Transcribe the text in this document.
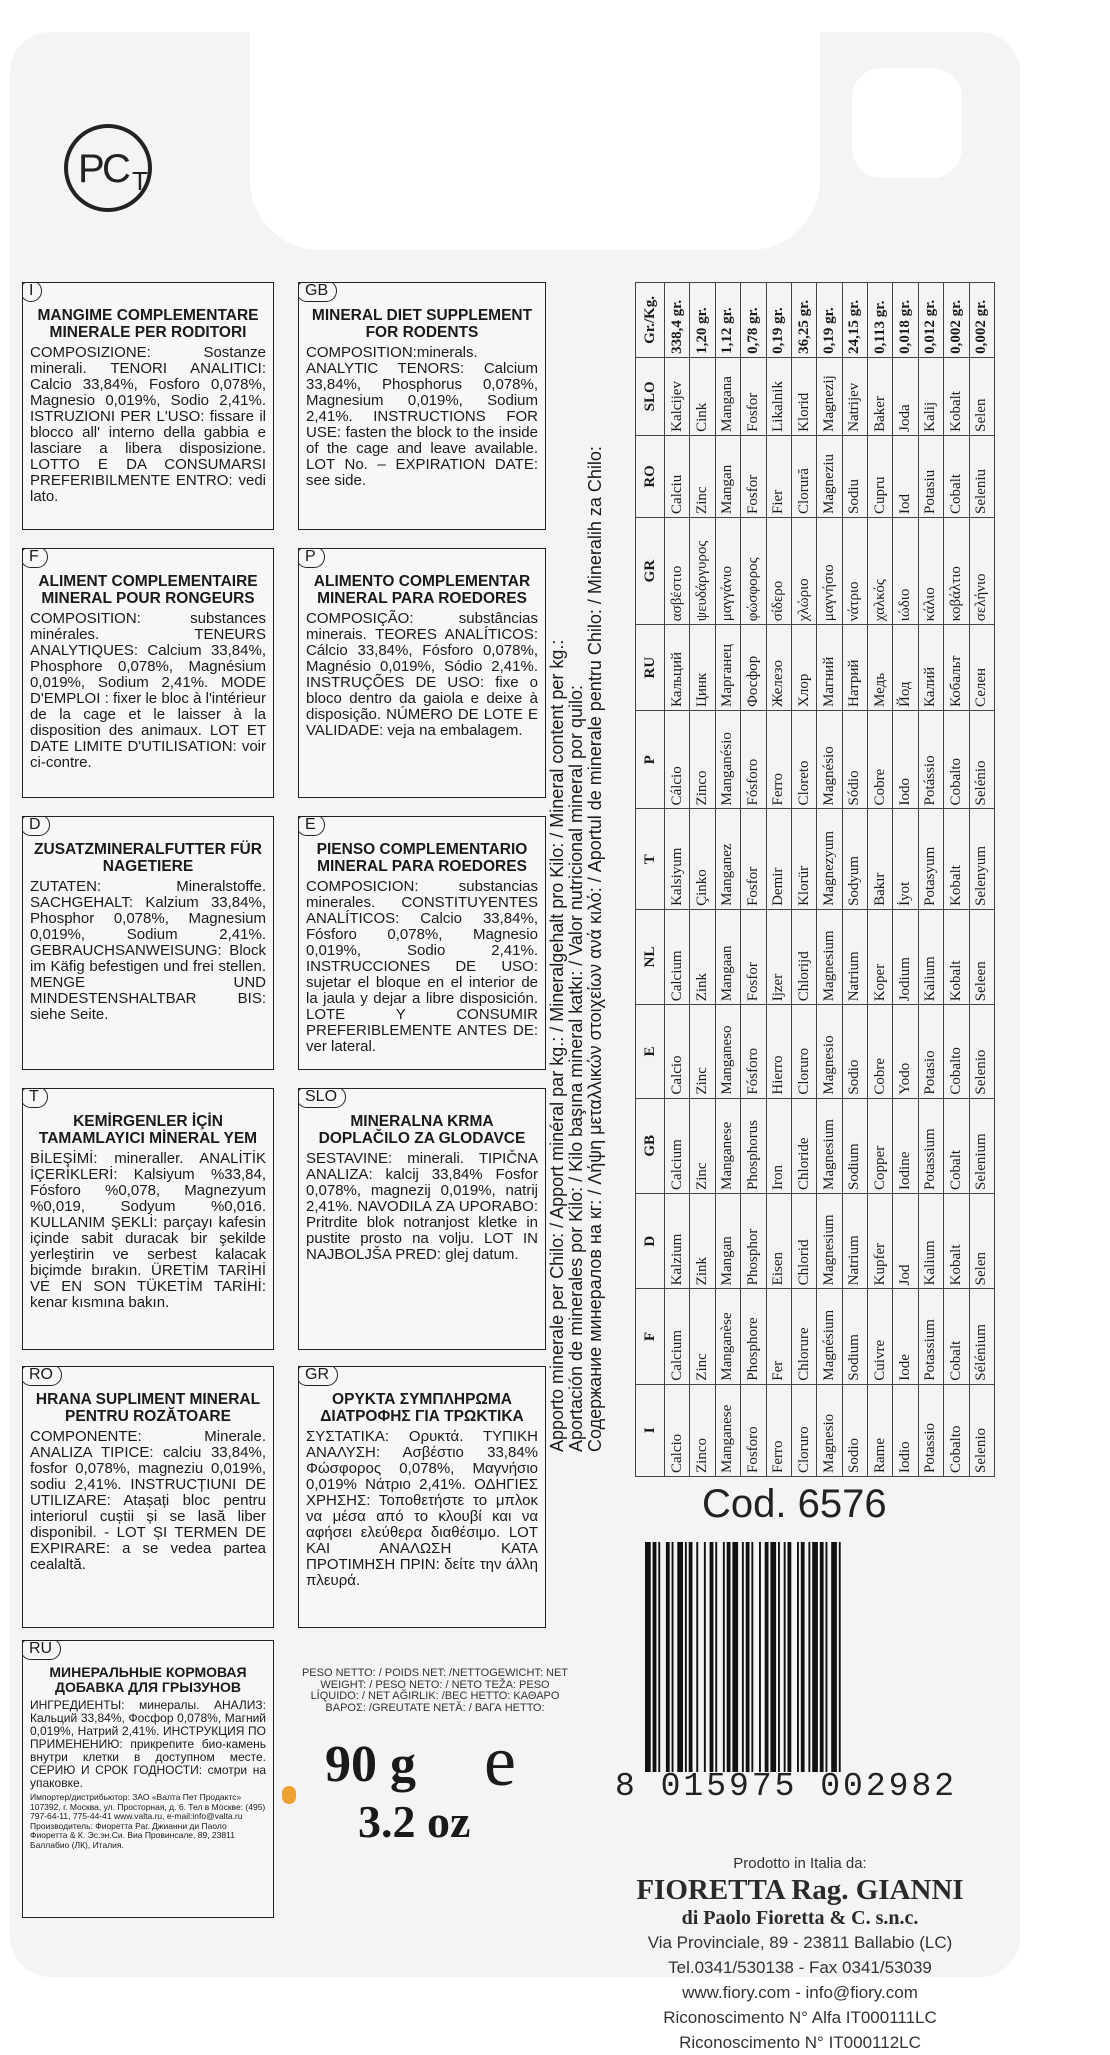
P
C T
I
MANGIME COMPLEMENTARE MINERALE PER RODITORI

COMPOSIZIONE: Sostanze minerali. TENORI ANALITICI: Calcio 33,84%, Fosforo 0,078%, Magnesio 0,019%, Sodio 2,41%. ISTRUZIONI PER L'USO: fissare il blocco all' interno della gabbia e lasciare a libera disposizione. LOTTO E DA CONSUMARSI PREFERIBILMENTE ENTRO: vedi lato.

GB
MINERAL DIET SUPPLEMENT FOR RODENTS

COMPOSITION:minerals. ANALYTIC TENORS: Calcium 33,84%, Phosphorus 0,078%, Magnesium 0,019%, Sodium 2,41%. INSTRUCTIONS FOR USE: fasten the block to the inside of the cage and leave available. LOT No. – EXPIRATION DATE: see side.

F
ALIMENT COMPLEMENTAIRE MINERAL POUR RONGEURS

COMPOSITION: substances minérales. TENEURS ANALYTIQUES: Calcium 33,84%, Phosphore 0,078%, Magnésium 0,019%, Sodium 2,41%. MODE D'EMPLOI : fixer le bloc à l'intérieur de la cage et le laisser à la disposition des animaux. LOT ET DATE LIMITE D'UTILISATION: voir ci-contre.

P
ALIMENTO COMPLEMENTAR MINERAL PARA ROEDORES

COMPOSIÇÃO: substâncias minerais. TEORES ANALÍTICOS: Cálcio 33,84%, Fósforo 0,078%, Magnésio 0,019%, Sódio 2,41%. INSTRUÇÕES DE USO: fixe o bloco dentro da gaiola e deixe à disposição. NÚMERO DE LOTE E VALIDADE: veja na embalagem.

D
ZUSATZMINERALFUTTER FÜR NAGETIERE

ZUTATEN: Mineralstoffe. SACHGEHALT: Kalzium 33,84%, Phosphor 0,078%, Magnesium 0,019%, Sodium 2,41%. GEBRAUCHSANWEISUNG: Block im Käfig befestigen und frei stellen. MENGE UND MINDESTENSHALTBAR BIS: siehe Seite.

E
PIENSO COMPLEMENTARIO MINERAL PARA ROEDORES

COMPOSICION: substancias minerales. CONSTITUYENTES ANALÍTICOS: Calcio 33,84%, Fósforo 0,078%, Magnesio 0,019%, Sodio 2,41%. INSTRUCCIONES DE USO: sujetar el bloque en el interior de la jaula y dejar a libre disposición. LOTE Y CONSUMIR PREFERIBLEMENTE ANTES DE: ver lateral.

T
KEMİRGENLER İÇİN TAMAMLAYICI MİNERAL YEM

BİLEŞİMİ: mineraller. ANALİTİK İÇERİKLERİ: Kalsiyum %33,84, Fósforo %0,078, Magnezyum %0,019, Sodyum %0,016. KULLANIM ŞEKLİ: parçayı kafesin içinde sabit duracak bir şekilde yerleştirin ve serbest kalacak biçimde bırakın. ÜRETİM TARİHİ VE EN SON TÜKETİM TARİHİ: kenar kısmına bakın.

SLO
MINERALNA KRMA DOPLAČILO ZA GLODAVCE

SESTAVINE: minerali. TIPIČNA ANALIZA: kalcij 33,84% Fosfor 0,078%, magnezij 0,019%, natrij 2,41%. NAVODILA ZA UPORABO: Pritrdite blok notranjost kletke in pustite prosto na volju. LOT IN NAJBOLJŠA PRED: glej datum.

RO
HRANA SUPLIMENT MINERAL PENTRU ROZĂTOARE

COMPONENTE: Minerale. ANALIZA TIPICE: calciu 33,84%, fosfor 0,078%, magneziu 0,019%, sodiu 2,41%. INSTRUCȚIUNI DE UTILIZARE: Atașați bloc pentru interiorul cuștii și se lasă liber disponibil. - LOT ȘI TERMEN DE EXPIRARE: a se vedea partea cealaltă.

GR
ΟΡΥΚΤΑ ΣΥΜΠΛΗΡΩΜΑ ΔΙΑΤΡΟΦΗΣ ΓΙΑ ΤΡΩΚΤΙΚΑ

ΣΥΣΤΑΤΙΚΑ: Ορυκτά. ΤΥΠΙΚΗ ΑΝΑΛΥΣΗ: Ασβέστιο 33,84% Φώσφορος 0,078%, Μαγνήσιο 0,019% Νάτριο 2,41%. ΟΔΗΓΙΕΣ ΧΡΗΣΗΣ: Τοποθετήστε το μπλοκ να μέσα από το κλουβί και να αφήσει ελεύθερα διαθέσιμο. LOT ΚΑΙ ΑΝΑΛΩΣΗ ΚΑΤΑ ΠΡΟΤΙΜΗΣΗ ΠΡΙΝ: δείτε την άλλη πλευρά.

RU
МИНЕРАЛЬНЫЕ КОРМОВАЯ ДОБАВКА ДЛЯ ГРЫЗУНОВ

ИНГРЕДИЕНТЫ: минералы. АНАЛИЗ: Кальций 33,84%, Фосфор 0,078%, Магний 0,019%, Натрий 2,41%. ИНСТРУКЦИЯ ПО ПРИМЕНЕНИЮ: прикрепите био-камень внутри клетки в доступном месте. СЕРИЮ И СРОК ГОДНОСТИ: смотри на упаковке.

Импортер/дистрибьютор: ЗАО «Валта Пет Продактс» 107392, г. Москва, ул. Просторная, д. 6. Тел в Москве: (495) 797-64-11, 775-44-41 www.valta.ru, e-mail:info@valta.ru Производитель: Фиоретта Раг. Джианни ди Паоло Фиоретта & К. Эс.эн.Си. Виа Провинсале, 89, 23811 Баллабио (ЛК), Италия.
Apporto minerale per Chilo: / Apport minéral par kg.: / Mineralgehalt pro Kilo: / Mineral content per kg.: Aportación de minerales por Kilo: / Kilo başına mineral katkı: / Valor nutricional mineral por quilo: Содержание минералов на кг: / Λήψη μεταλλικών στοιχείων ανά κιλό: / Aportul de minerale pentru Chilo: / Mineralih za Chilo: I	F	D	GB	E	NL	T	P	RU	GR	RO	SLO	Gr./Kg.
Calcio	Calcium	Kalzium	Calcium	Calcio	Calcium	Kalsiyum	Cálcio	Кальций	ασβέστιο	Calciu	Kalcijev	338,4 gr.
Zinco	Zinc	Zink	Zinc	Zinc	Zink	Çinko	Zinco	Цинк	ψευδάργυρος	Zinc	Cink	1,20 gr.
Manganese	Manganèse	Mangan	Manganese	Manganeso	Mangaan	Manganez	Manganésio	Марганец	μαγγάνιο	Mangan	Mangana	1,12 gr.
Fosforo	Phosphore	Phosphor	Phosphorus	Fósforo	Fosfor	Fosfor	Fósforo	Фосфор	φώσφορος	Fosfor	Fosfor	0,78 gr.
Ferro	Fer	Eisen	Iron	Hierro	Ijzer	Demir	Ferro	Железо	σίδερο	Fier	Likalnik	0,19 gr.
Cloruro	Chlorure	Chlorid	Chloride	Cloruro	Chlorijd	Klorür	Cloreto	Хлор	χλώριο	Clorură	Klorid	36,25 gr.
Magnesio	Magnésium	Magnesium	Magnesium	Magnesio	Magnesium	Magnezyum	Magnésio	Магний	μαγνήσιο	Magneziu	Magnezij	0,19 gr.
Sodio	Sodium	Natrium	Sodium	Sodio	Natrium	Sodyum	Sódio	Натрий	νάτριο	Sodiu	Natrijev	24,15 gr.
Rame	Cuivre	Kupfer	Copper	Cobre	Koper	Bakır	Cobre	Медь	χαλκός	Cupru	Baker	0,113 gr.
Iodio	Iode	Jod	Iodine	Yodo	Jodium	İyot	Iodo	Йод	ιώδιο	Iod	Joda	0,018 gr.
Potassio	Potassium	Kalium	Potassium	Potasio	Kalium	Potasyum	Potássio	Калий	κάλιο	Potasiu	Kalij	0,012 gr.
Cobalto	Cobalt	Kobalt	Cobalt	Cobalto	Kobalt	Kobalt	Cobalto	Кобальт	κοβάλτιο	Cobalt	Kobalt	0,002 gr.
Selenio	Sélénium	Selen	Selenium	Selenio	Seleen	Selenyum	Selénio	Селен	σελήνιο	Seleniu	Selen	0,002 gr.
Cod. 6576
8 015975 002982
PESO NETTO: / POIDS NET: /NETTOGEWICHT: NET WEIGHT: / PESO NETO: / NETO TEŽA: PESO LÍQUIDO: / NET AĞIRLIK: /BEC НЕТТО: ΚΑΘΑΡΟ ΒΑΡΟΣ: /GREUTATE NETĂ: / ВАГА НЕТТО:
90 g
3.2 oz
e
Prodotto in Italia da:
FIORETTA Rag. GIANNI
di Paolo Fioretta & C. s.n.c.
Via Provinciale, 89 - 23811 Ballabio (LC)
Tel.0341/530138 - Fax 0341/53039
www.fiory.com - info@fiory.com
Riconoscimento N° Alfa IT000111LC
Riconoscimento N° IT000112LC
